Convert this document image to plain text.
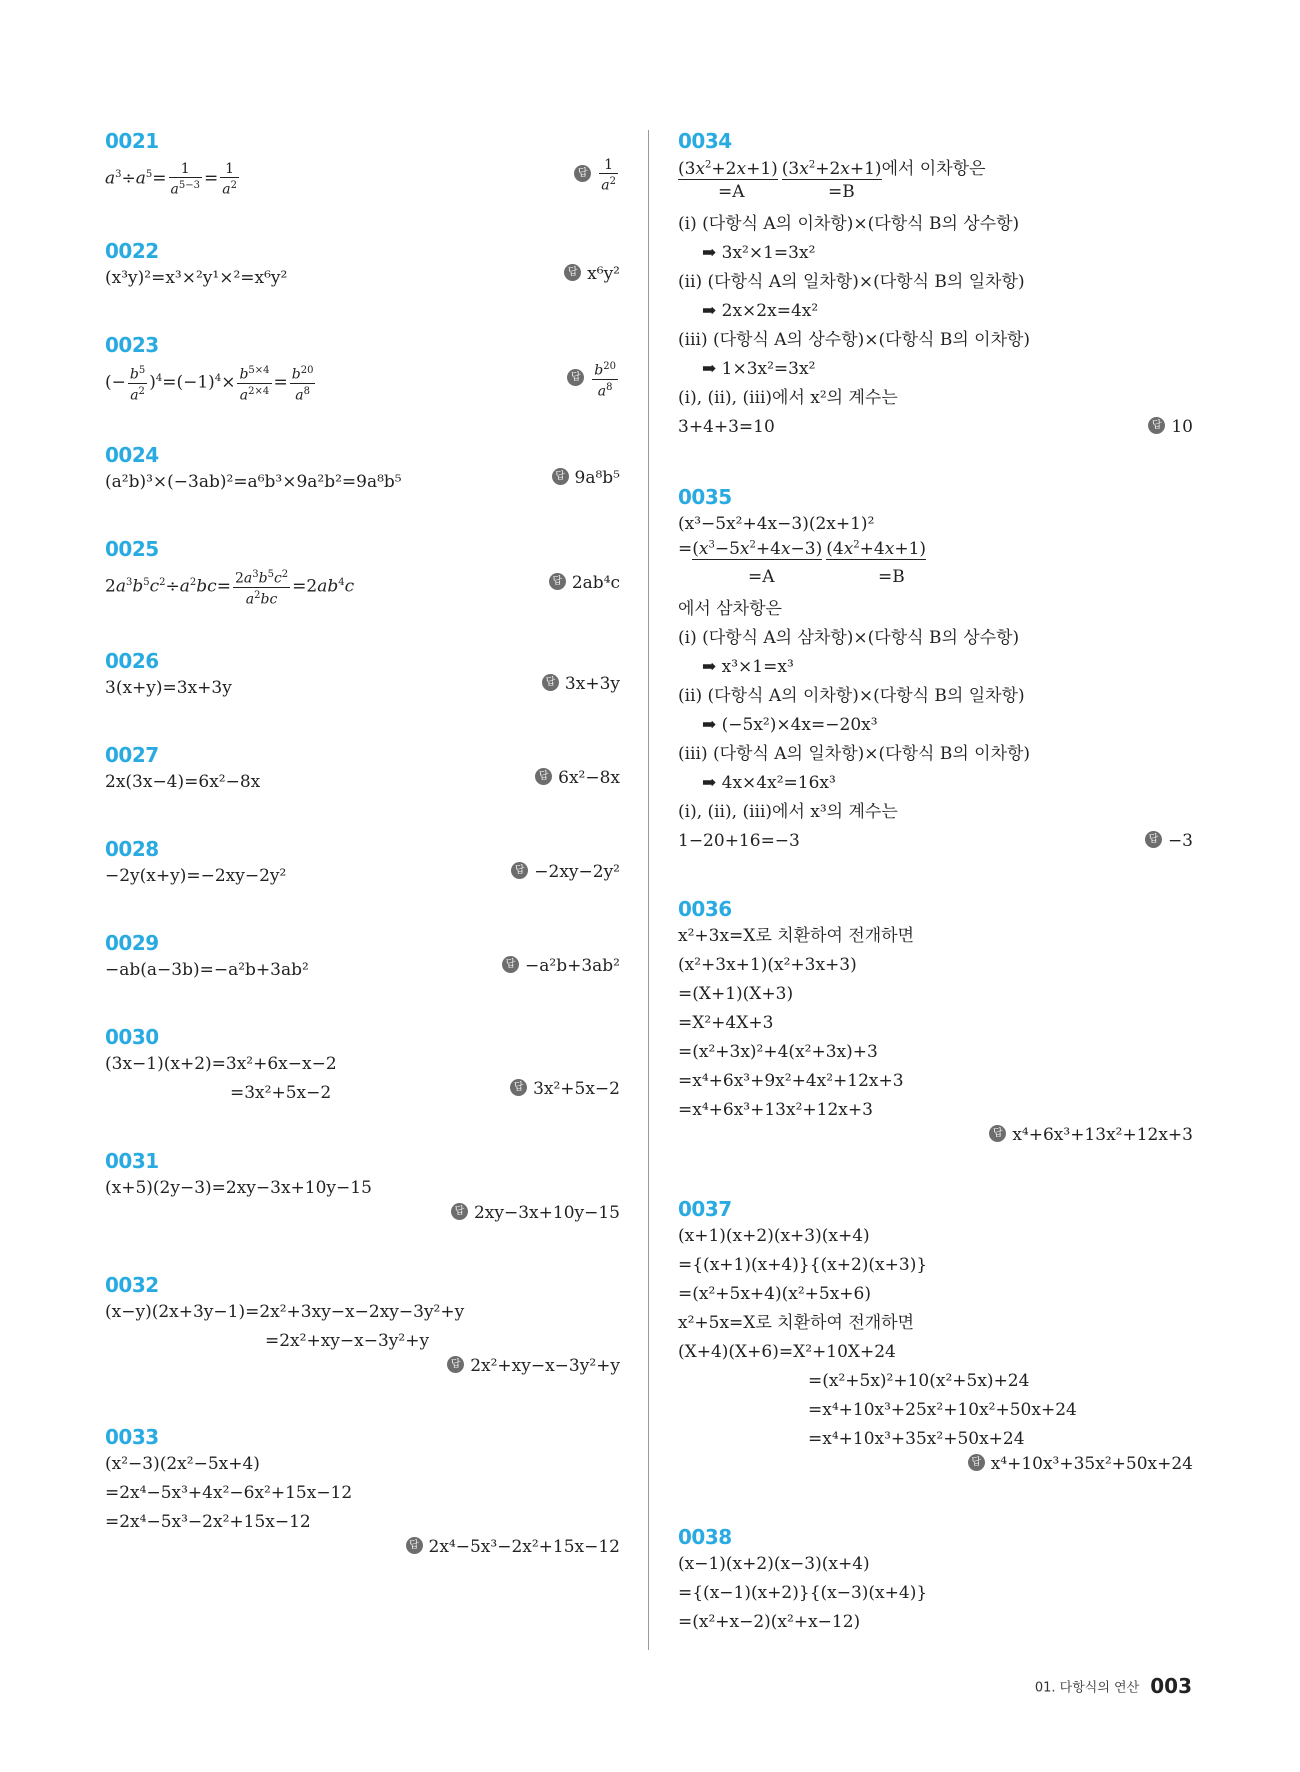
0021
$a^3\div a^5= \frac{1}{a^{5-3}} = \frac{1}{a^2}$	답 $\frac{1}{a^2}$
0022
(x³y)²=x³×²y¹×²=x⁶y²	답 x⁶y²
0023
(− $\frac{b^5}{a^2} )^4=(-1)^4\times \frac{b^{5\times 4}}{a^{2\times 4}} = \frac{b^{20}}{a^8}$	답 $\frac{b^{20}}{a^8}$
0024
(a²b)³×(−3ab)²=a⁶b³×9a²b²=9a⁸b⁵	답 9a⁸b⁵
0025
$2a^3b^5c^2\div a^2bc= \frac{2a^3b^5c^2}{a^2bc} =2ab^4c$	답 2ab⁴c
0026
3(x+y)=3x+3y	답 3x+3y
0027
2x(3x−4)=6x²−8x	답 6x²−8x
0028
−2y(x+y)=−2xy−2y²	답 −2xy−2y²
0029
−ab(a−3b)=−a²b+3ab²	답 −a²b+3ab²
0030
(3x−1)(x+2)=3x²+6x−x−2
=3x²+5x−2	답 3x²+5x−2
0031
(x+5)(2y−3)=2xy−3x+10y−15
답 2xy−3x+10y−15
0032
(x−y)(2x+3y−1)=2x²+3xy−x−2xy−3y²+y
=2x²+xy−x−3y²+y
답 2x²+xy−x−3y²+y
0033
(x²−3)(2x²−5x+4)
=2x⁴−5x³+4x²−6x²+15x−12
=2x⁴−5x³−2x²+15x−12
답 2x⁴−5x³−2x²+15x−12
0034
$(3x^2+2x+1)$ $(3x^2+2x+1)$에서 이차항은
=A	=B
(ⅰ) (다항식 A의 이차항)×(다항식 B의 상수항)
➡ 3x²×1=3x²
(ⅱ) (다항식 A의 일차항)×(다항식 B의 일차항)
➡ 2x×2x=4x²
(ⅲ) (다항식 A의 상수항)×(다항식 B의 이차항)
➡ 1×3x²=3x²
(ⅰ), (ⅱ), (ⅲ)에서 x²의 계수는
3+4+3=10	답 10
0035
(x³−5x²+4x−3)(2x+1)²
$=(x^3-5x^2+4x-3)$ $(4x^2+4x+1)$
=A	=B
에서 삼차항은
(ⅰ) (다항식 A의 삼차항)×(다항식 B의 상수항)
➡ x³×1=x³
(ⅱ) (다항식 A의 이차항)×(다항식 B의 일차항)
➡ (−5x²)×4x=−20x³
(ⅲ) (다항식 A의 일차항)×(다항식 B의 이차항)
➡ 4x×4x²=16x³
(ⅰ), (ⅱ), (ⅲ)에서 x³의 계수는
1−20+16=−3	답 −3
0036
x²+3x=X로 치환하여 전개하면
(x²+3x+1)(x²+3x+3)
=(X+1)(X+3)
=X²+4X+3
=(x²+3x)²+4(x²+3x)+3
=x⁴+6x³+9x²+4x²+12x+3
=x⁴+6x³+13x²+12x+3
답 x⁴+6x³+13x²+12x+3
0037
(x+1)(x+2)(x+3)(x+4)
={(x+1)(x+4)}{(x+2)(x+3)}
=(x²+5x+4)(x²+5x+6)
x²+5x=X로 치환하여 전개하면
(X+4)(X+6)=X²+10X+24
=(x²+5x)²+10(x²+5x)+24
=x⁴+10x³+25x²+10x²+50x+24
=x⁴+10x³+35x²+50x+24
답 x⁴+10x³+35x²+50x+24
0038
(x−1)(x+2)(x−3)(x+4)
={(x−1)(x+2)}{(x−3)(x+4)}
=(x²+x−2)(x²+x−12)
01. 다항식의 연산 003
